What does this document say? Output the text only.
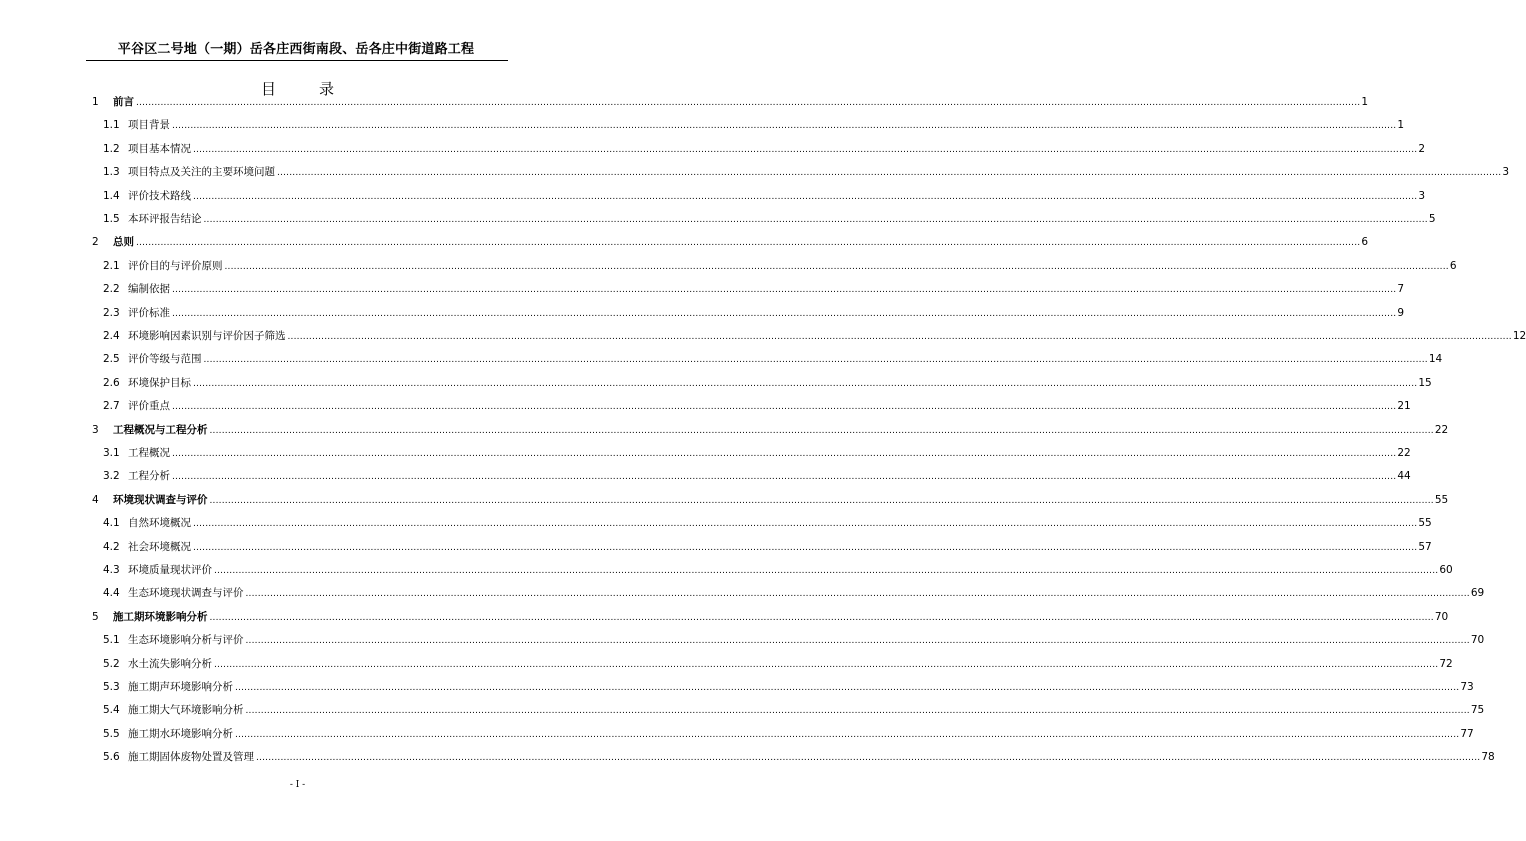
平谷区二号地（一期）岳各庄西街南段、岳各庄中街道路工程
目　录
1	前言 ................................................................................................................................................................................................................................................................................................................................................................................................................ 1
1.1 项目背景 ................................................................................................................................................................................................................................................................................................................................................................................................................ 1
1.2 项目基本情况 ................................................................................................................................................................................................................................................................................................................................................................................................................ 2
1.3 项目特点及关注的主要环境问题 ................................................................................................................................................................................................................................................................................................................................................................................................................ 3
1.4 评价技术路线 ................................................................................................................................................................................................................................................................................................................................................................................................................ 3
1.5 本环评报告结论 ................................................................................................................................................................................................................................................................................................................................................................................................................ 5
2	总则 ................................................................................................................................................................................................................................................................................................................................................................................................................ 6
2.1 评价目的与评价原则 ................................................................................................................................................................................................................................................................................................................................................................................................................ 6
2.2 编制依据 ................................................................................................................................................................................................................................................................................................................................................................................................................ 7
2.3 评价标准 ................................................................................................................................................................................................................................................................................................................................................................................................................ 9
2.4 环境影响因素识别与评价因子筛选 ................................................................................................................................................................................................................................................................................................................................................................................................................ 12
2.5 评价等级与范围 ................................................................................................................................................................................................................................................................................................................................................................................................................ 14
2.6 环境保护目标 ................................................................................................................................................................................................................................................................................................................................................................................................................ 15
2.7 评价重点 ................................................................................................................................................................................................................................................................................................................................................................................................................ 21
3	工程概况与工程分析 ................................................................................................................................................................................................................................................................................................................................................................................................................ 22
3.1 工程概况 ................................................................................................................................................................................................................................................................................................................................................................................................................ 22
3.2 工程分析 ................................................................................................................................................................................................................................................................................................................................................................................................................ 44
4	环境现状调查与评价 ................................................................................................................................................................................................................................................................................................................................................................................................................ 55
4.1 自然环境概况 ................................................................................................................................................................................................................................................................................................................................................................................................................ 55
4.2 社会环境概况 ................................................................................................................................................................................................................................................................................................................................................................................................................ 57
4.3 环境质量现状评价 ................................................................................................................................................................................................................................................................................................................................................................................................................ 60
4.4 生态环境现状调查与评价 ................................................................................................................................................................................................................................................................................................................................................................................................................ 69
5	施工期环境影响分析 ................................................................................................................................................................................................................................................................................................................................................................................................................ 70
5.1 生态环境影响分析与评价 ................................................................................................................................................................................................................................................................................................................................................................................................................ 70
5.2 水土流失影响分析 ................................................................................................................................................................................................................................................................................................................................................................................................................ 72
5.3 施工期声环境影响分析 ................................................................................................................................................................................................................................................................................................................................................................................................................ 73
5.4 施工期大气环境影响分析 ................................................................................................................................................................................................................................................................................................................................................................................................................ 75
5.5 施工期水环境影响分析 ................................................................................................................................................................................................................................................................................................................................................................................................................ 77
5.6 施工期固体废物处置及管理 ................................................................................................................................................................................................................................................................................................................................................................................................................ 78
- I -
